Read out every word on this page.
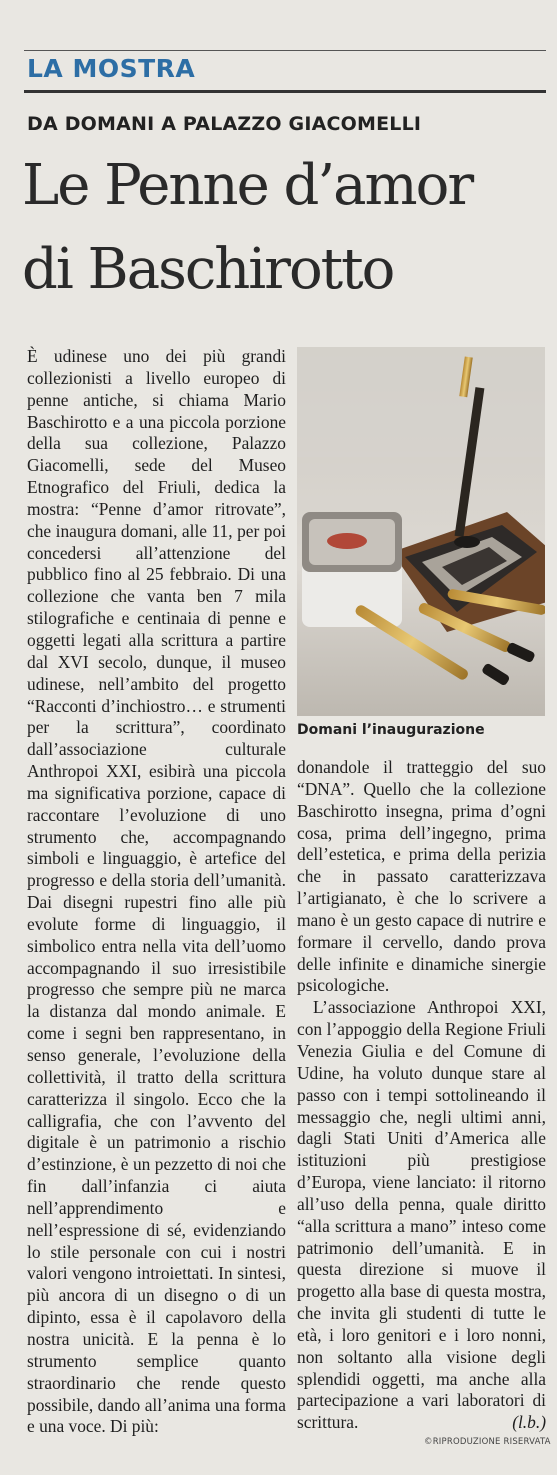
LA MOSTRA
DA DOMANI A PALAZZO GIACOMELLI
Le Penne d’amor
di Baschirotto

È udinese uno dei più grandi collezionisti a livello europeo di penne antiche, si chiama Mario Baschirotto e a una piccola porzione della sua collezione, Palazzo Giacomelli, sede del Museo Etnografico del Friuli, dedica la mostra: “Penne d’amor ritrovate”, che inaugura domani, alle 11, per poi concedersi all’attenzione del pubblico fino al 25 febbraio. Di una collezione che vanta ben 7 mila stilografiche e centinaia di penne e oggetti legati alla scrittura a partire dal XVI secolo, dunque, il museo udinese, nell’ambito del progetto “Racconti d’inchiostro… e strumenti per la scrittura”, coordinato dall’associazione culturale Anthropoi XXI, esibirà una piccola ma significativa porzione, capace di raccontare l’evoluzione di uno strumento che, accompagnando simboli e linguaggio, è artefice del progresso e della storia dell’umanità. Dai disegni rupestri fino alle più evolute forme di linguaggio, il simbolico entra nella vita dell’uomo accompagnando il suo irresistibile progresso che sempre più ne marca la distanza dal mondo animale. E come i segni ben rappresentano, in senso generale, l’evoluzione della collettività, il tratto della scrittura caratterizza il singolo. Ecco che la calligrafia, che con l’avvento del digitale è un patrimonio a rischio d’estinzione, è un pezzetto di noi che fin dall’infanzia ci aiuta nell’apprendimento e nell’espressione di sé, evidenziando lo stile personale con cui i nostri valori vengono introiettati. In sintesi, più ancora di un disegno o di un dipinto, essa è il capolavoro della nostra unicità. E la penna è lo strumento semplice quanto straordinario che rende questo possibile, dando all’anima una forma e una voce. Di più:

Domani l’inaugurazione

donandole il tratteggio del suo “DNA”. Quello che la collezione Baschirotto insegna, prima d’ogni cosa, prima dell’ingegno, prima dell’estetica, e prima della perizia che in passato caratterizzava l’artigianato, è che lo scrivere a mano è un gesto capace di nutrire e formare il cervello, dando prova delle infinite e dinamiche sinergie psicologiche.

L’associazione Anthropoi XXI, con l’appoggio della Regione Friuli Venezia Giulia e del Comune di Udine, ha voluto dunque stare al passo con i tempi sottolineando il messaggio che, negli ultimi anni, dagli Stati Uniti d’America alle istituzioni più prestigiose d’Europa, viene lanciato: il ritorno all’uso della penna, quale diritto “alla scrittura a mano” inteso come patrimonio dell’umanità. E in questa direzione si muove il progetto alla base di questa mostra, che invita gli studenti di tutte le età, i loro genitori e i loro nonni, non soltanto alla visione degli splendidi oggetti, ma anche alla partecipazione a vari laboratori di scrittura.	(l.b.)

©RIPRODUZIONE RISERVATA
